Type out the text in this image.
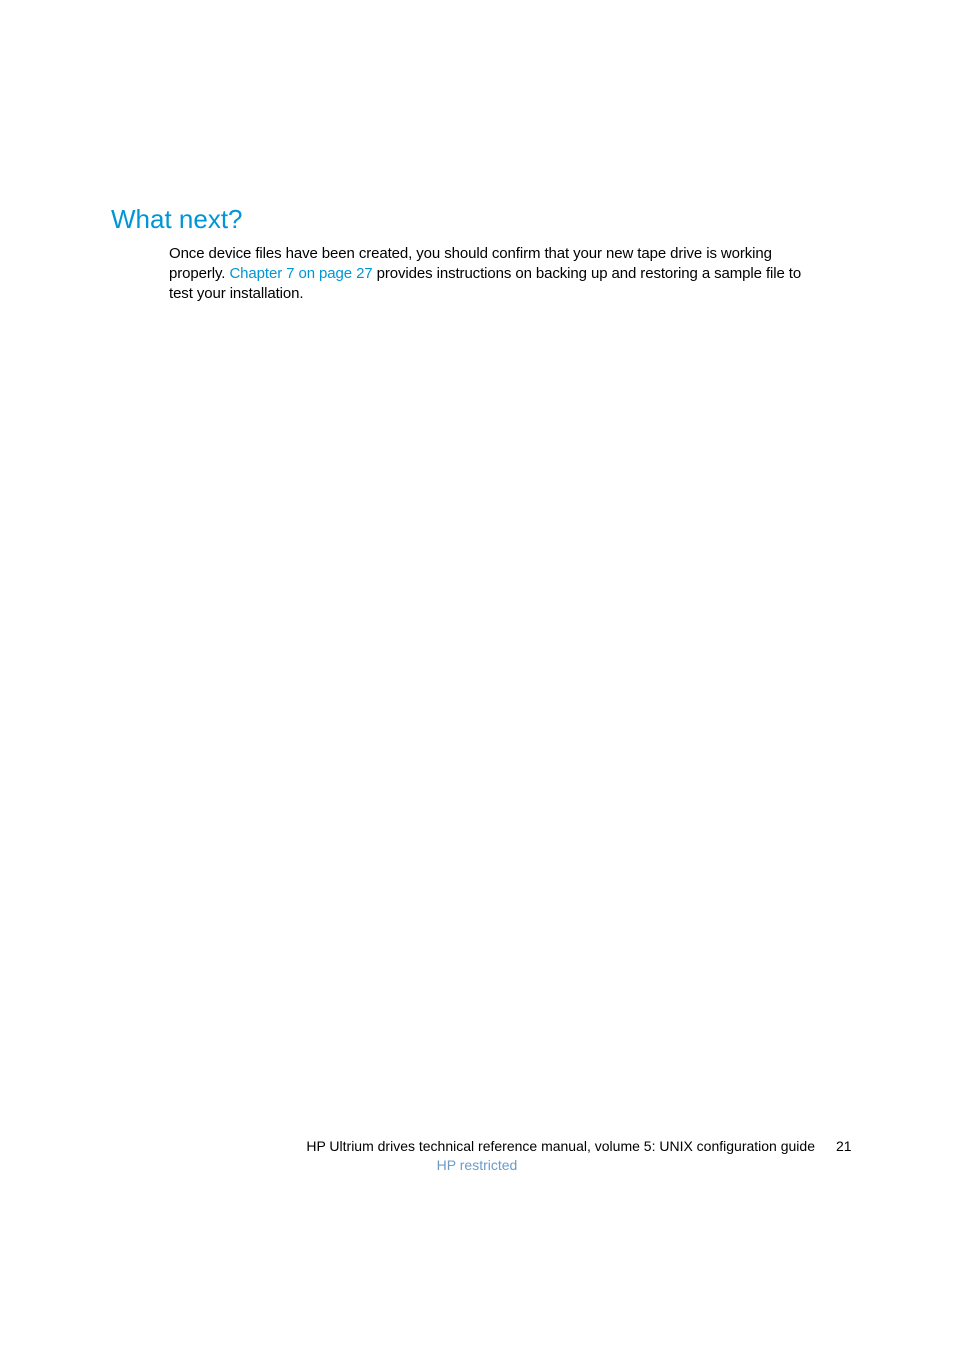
What next?
Once device files have been created, you should confirm that your new tape drive is working
properly. Chapter 7 on page 27 provides instructions on backing up and restoring a sample file to
test your installation.
HP Ultrium drives technical reference manual, volume 5: UNIX configuration guide 21
HP restricted
